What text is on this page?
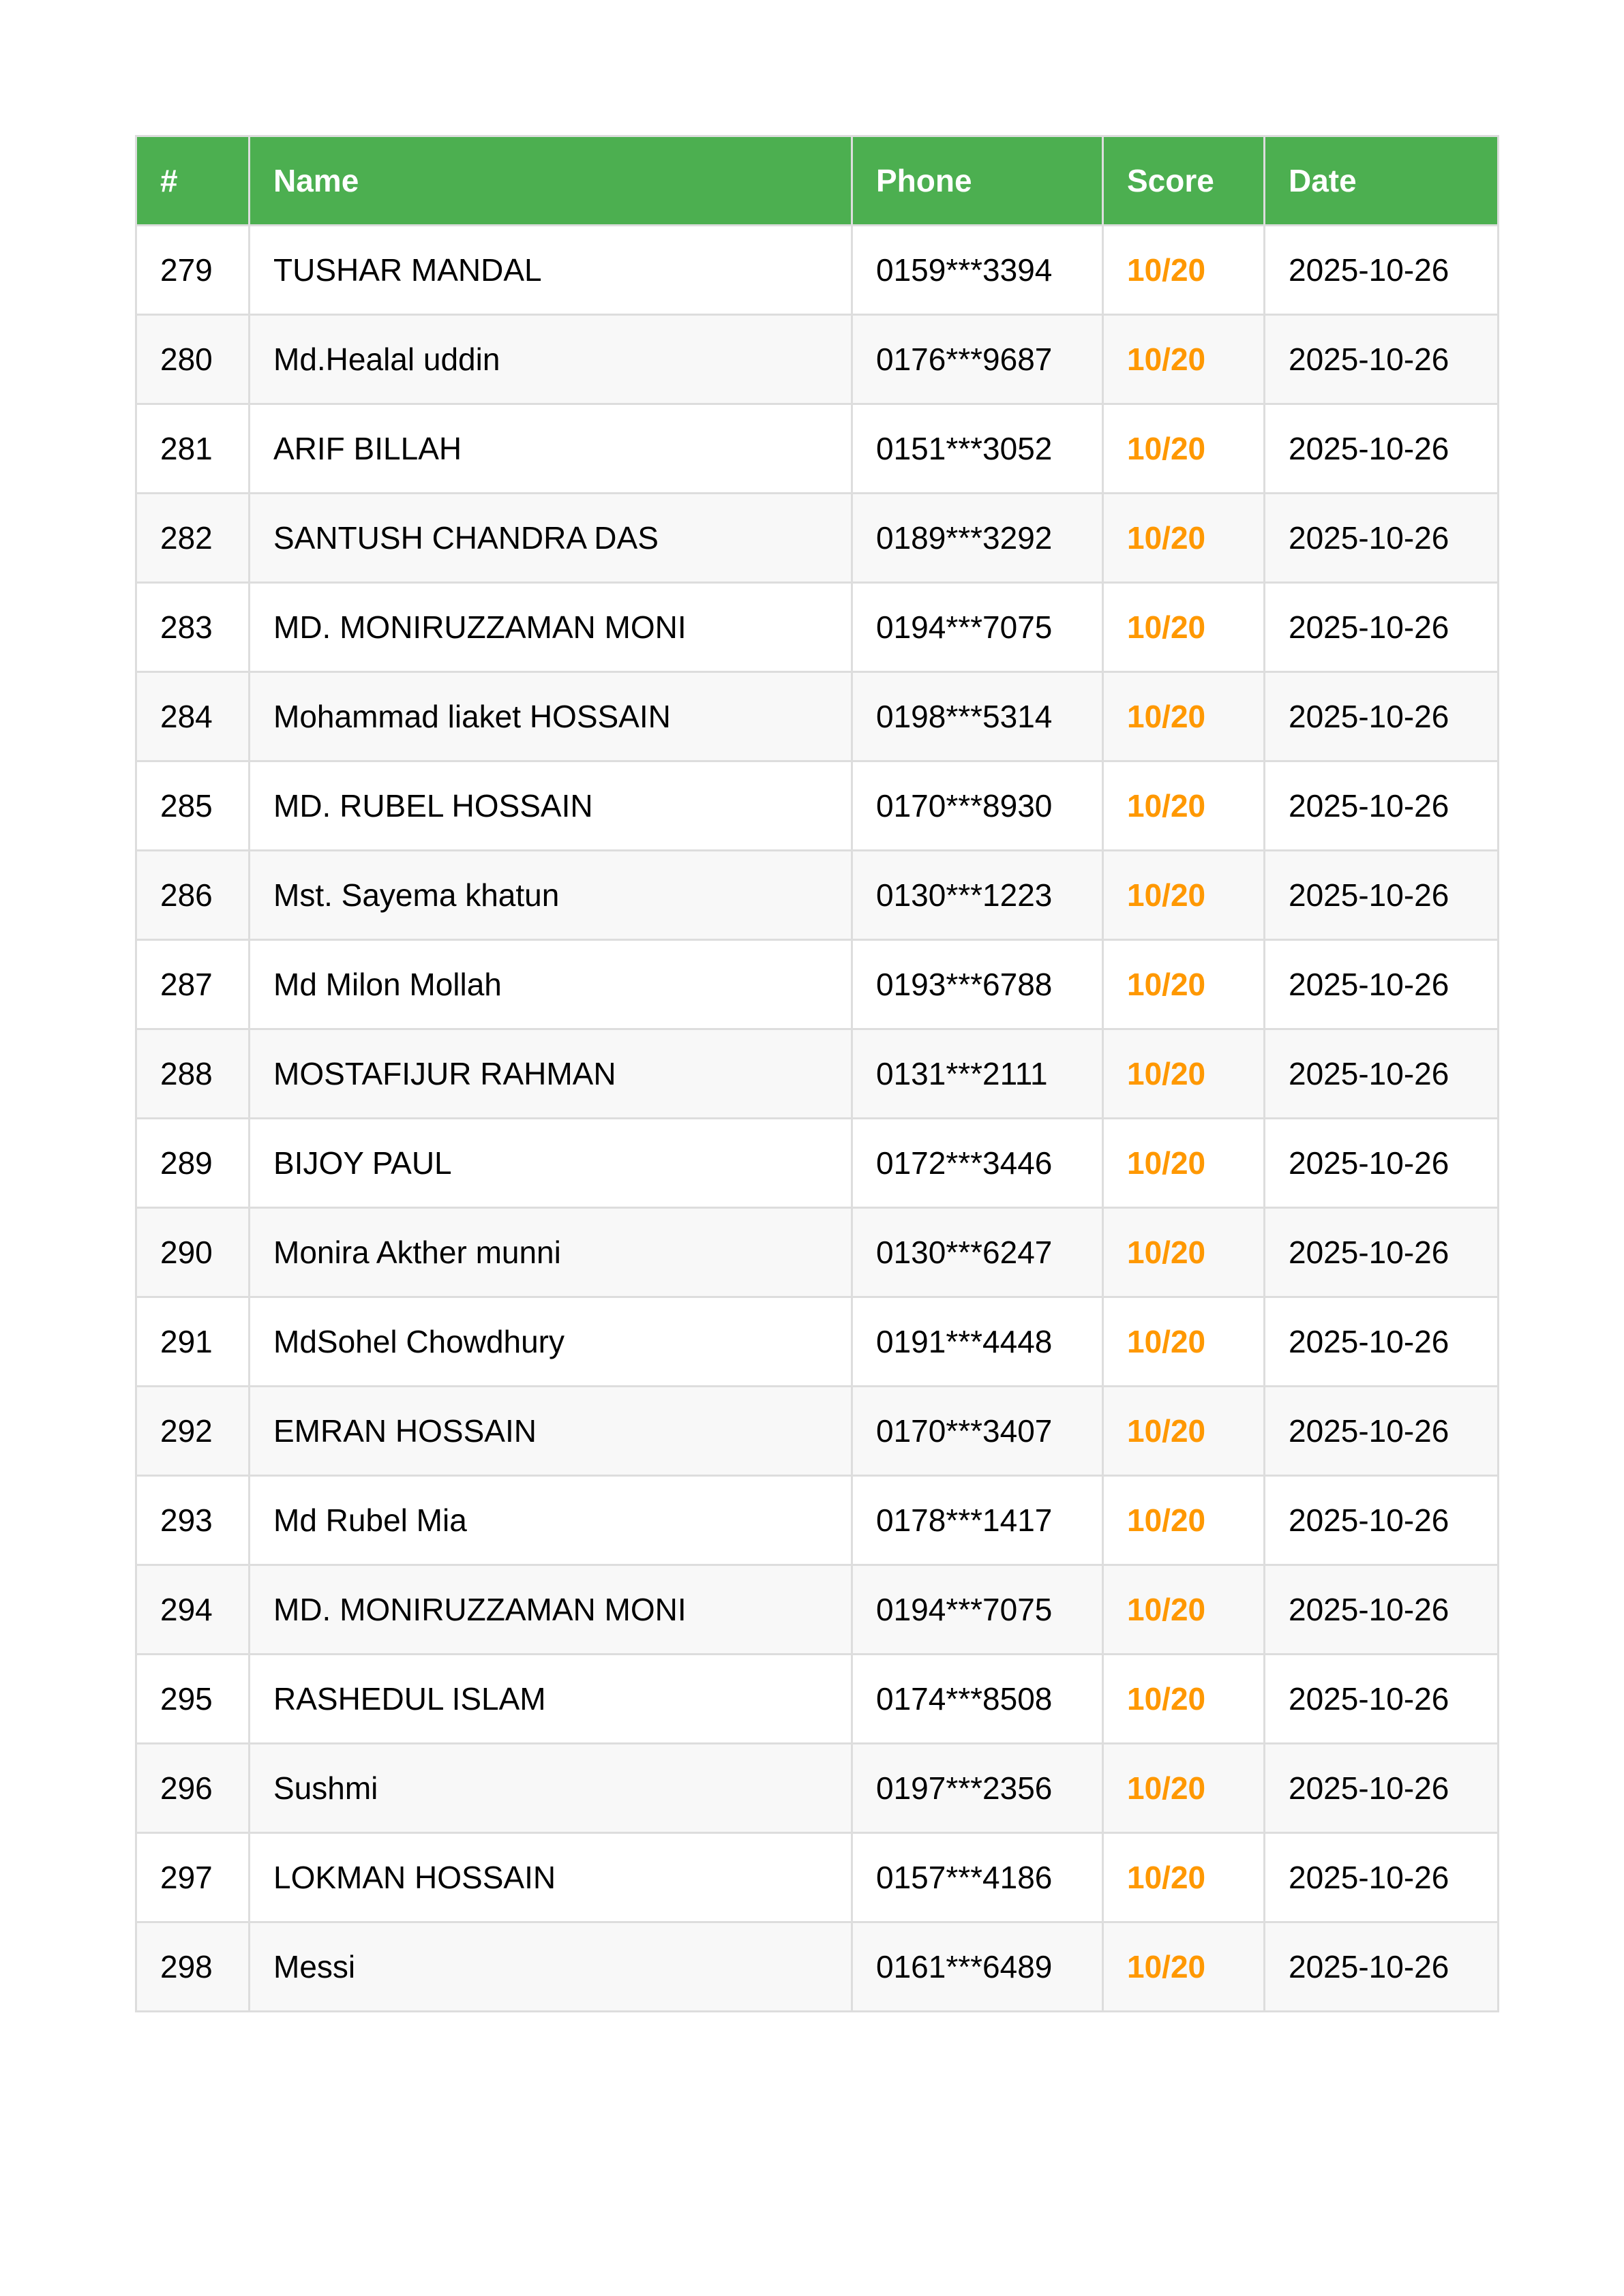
#	Name	Phone	Score	Date
279	TUSHAR MANDAL	0159***3394	10/20	2025-10-26
280	Md.Healal uddin	0176***9687	10/20	2025-10-26
281	ARIF BILLAH	0151***3052	10/20	2025-10-26
282	SANTUSH CHANDRA DAS	0189***3292	10/20	2025-10-26
283	MD. MONIRUZZAMAN MONI	0194***7075	10/20	2025-10-26
284	Mohammad liaket HOSSAIN	0198***5314	10/20	2025-10-26
285	MD. RUBEL HOSSAIN	0170***8930	10/20	2025-10-26
286	Mst. Sayema khatun	0130***1223	10/20	2025-10-26
287	Md Milon Mollah	0193***6788	10/20	2025-10-26
288	MOSTAFIJUR RAHMAN	0131***2111	10/20	2025-10-26
289	BIJOY PAUL	0172***3446	10/20	2025-10-26
290	Monira Akther munni	0130***6247	10/20	2025-10-26
291	MdSohel Chowdhury	0191***4448	10/20	2025-10-26
292	EMRAN HOSSAIN	0170***3407	10/20	2025-10-26
293	Md Rubel Mia	0178***1417	10/20	2025-10-26
294	MD. MONIRUZZAMAN MONI	0194***7075	10/20	2025-10-26
295	RASHEDUL ISLAM	0174***8508	10/20	2025-10-26
296	Sushmi	0197***2356	10/20	2025-10-26
297	LOKMAN HOSSAIN	0157***4186	10/20	2025-10-26
298	Messi	0161***6489	10/20	2025-10-26
